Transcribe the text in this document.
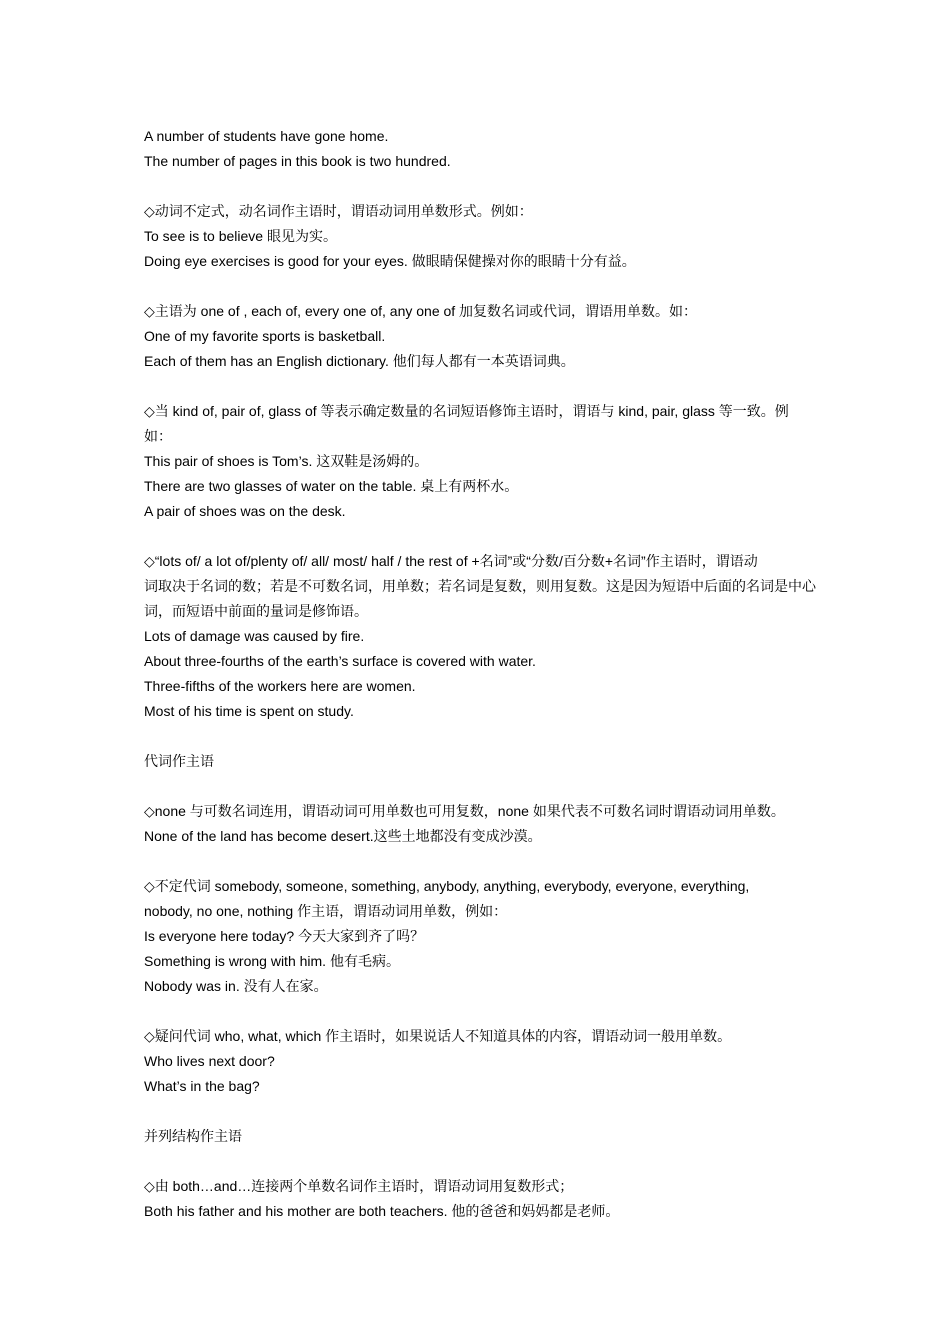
A number of students have gone home.
The number of pages in this book is two hundred.
◇动词不定式，动名词作主语时，谓语动词用单数形式。例如：
To see is to believe 眼见为实。
Doing eye exercises is good for your eyes. 做眼睛保健操对你的眼睛十分有益。
◇主语为 one of , each of, every one of, any one of 加复数名词或代词，谓语用单数。如：
One of my favorite sports is basketball.
Each of them has an English dictionary. 他们每人都有一本英语词典。
◇当 kind of, pair of, glass of 等表示确定数量的名词短语修饰主语时，谓语与 kind, pair, glass 等一致。例
如：
This pair of shoes is Tom’s. 这双鞋是汤姆的。
There are two glasses of water on the table. 桌上有两杯水。
A pair of shoes was on the desk.
◇“lots of/ a lot of/plenty of/ all/ most/ half / the rest of +名词”或“分数/百分数+名词”作主语时，谓语动
词取决于名词的数；若是不可数名词，用单数；若名词是复数，则用复数。这是因为短语中后面的名词是中心
词，而短语中前面的量词是修饰语。
Lots of damage was caused by fire.
About three-fourths of the earth’s surface is covered with water.
Three-fifths of the workers here are women.
Most of his time is spent on study.
代词作主语
◇none 与可数名词连用，谓语动词可用单数也可用复数，none 如果代表不可数名词时谓语动词用单数。
None of the land has become desert.这些土地都没有变成沙漠。
◇不定代词 somebody, someone, something, anybody, anything, everybody, everyone, everything,
nobody, no one, nothing 作主语，谓语动词用单数，例如：
Is everyone here today? 今天大家到齐了吗？
Something is wrong with him. 他有毛病。
Nobody was in. 没有人在家。
◇疑问代词 who, what, which 作主语时，如果说话人不知道具体的内容，谓语动词一般用单数。
Who lives next door?
What’s in the bag?
并列结构作主语
◇由 both…and…连接两个单数名词作主语时，谓语动词用复数形式；
Both his father and his mother are both teachers. 他的爸爸和妈妈都是老师。
